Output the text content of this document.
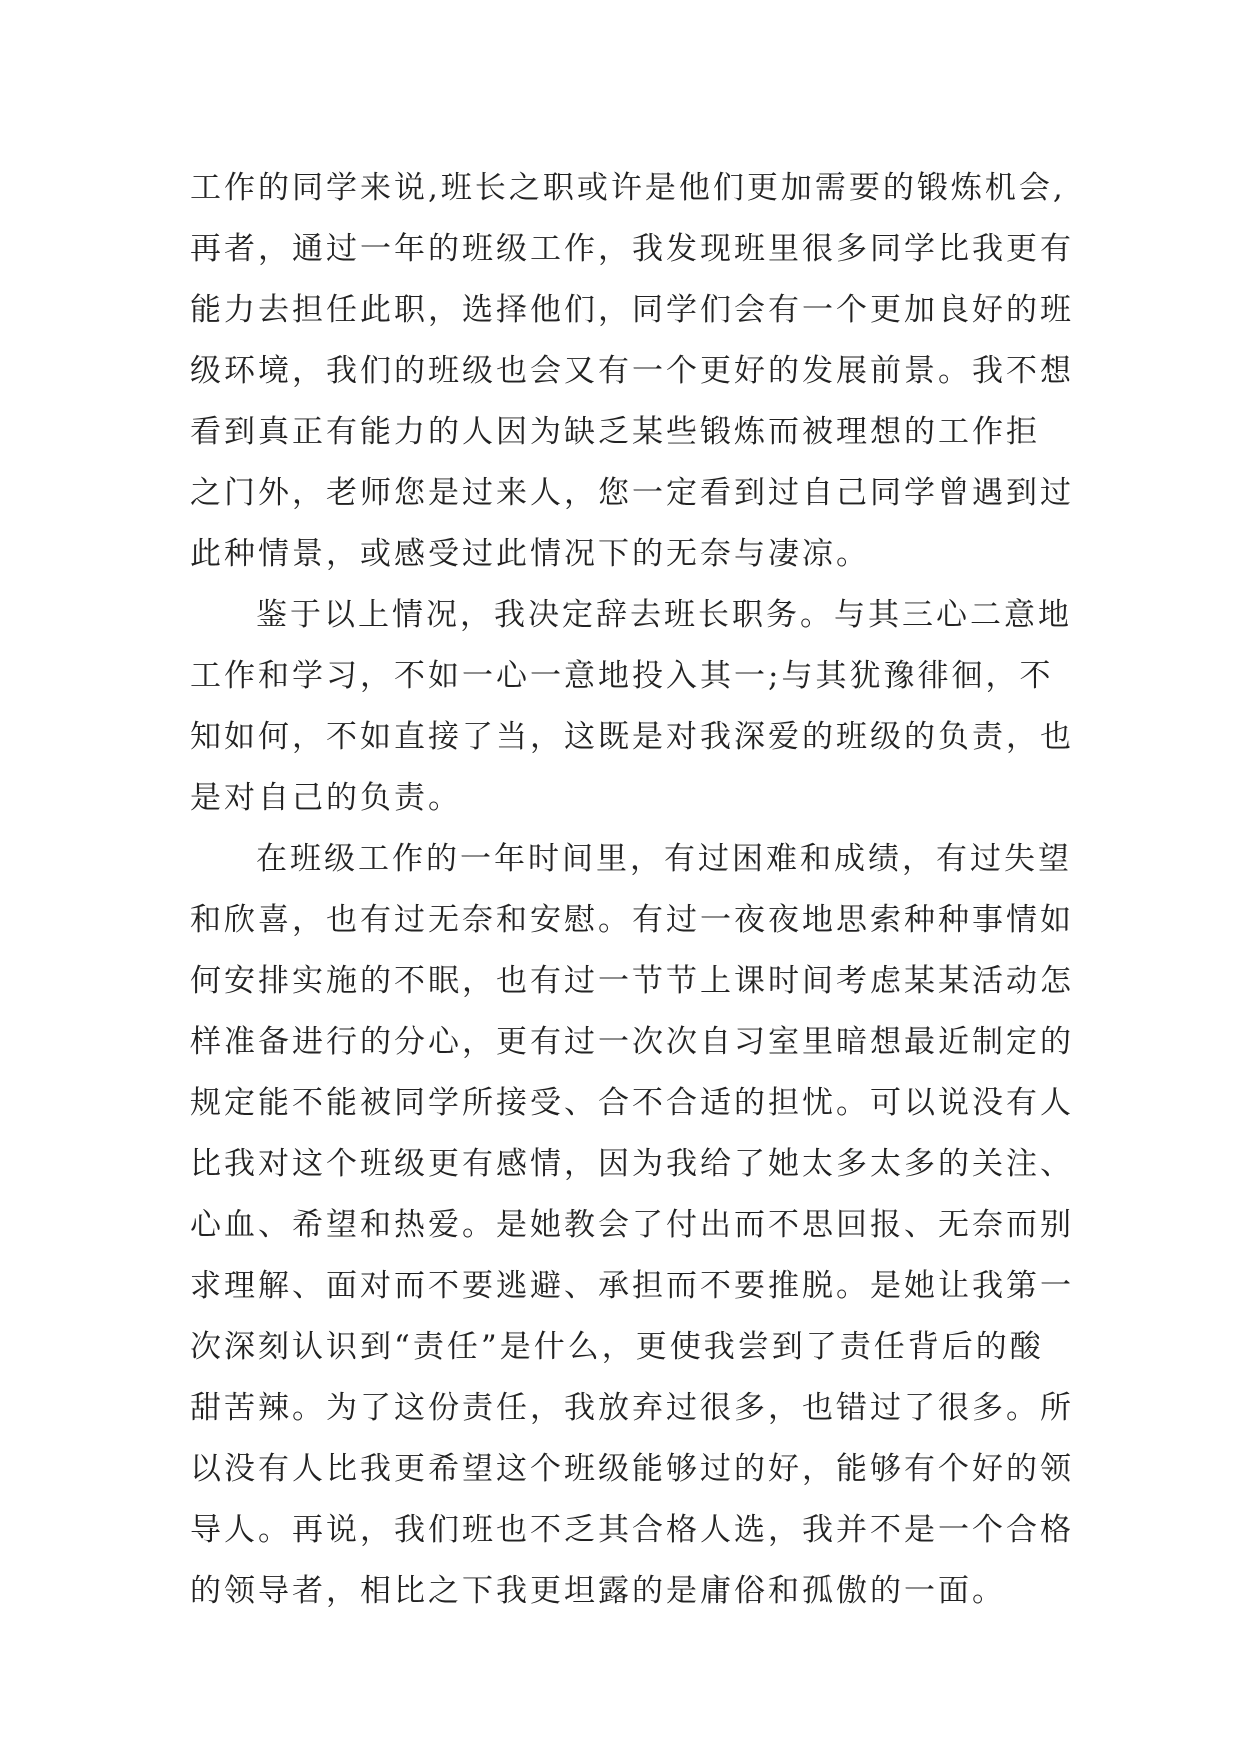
工作的同学来说,班长之职或许是他们更加需要的锻炼机会,
再者，通过一年的班级工作，我发现班里很多同学比我更有
能力去担任此职，选择他们，同学们会有一个更加良好的班
级环境，我们的班级也会又有一个更好的发展前景。我不想
看到真正有能力的人因为缺乏某些锻炼而被理想的工作拒
之门外，老师您是过来人，您一定看到过自己同学曾遇到过
此种情景，或感受过此情况下的无奈与凄凉。
鉴于以上情况，我决定辞去班长职务。与其三心二意地
工作和学习，不如一心一意地投入其一;与其犹豫徘徊，不
知如何，不如直接了当，这既是对我深爱的班级的负责，也
是对自己的负责。
在班级工作的一年时间里，有过困难和成绩，有过失望
和欣喜，也有过无奈和安慰。有过一夜夜地思索种种事情如
何安排实施的不眠，也有过一节节上课时间考虑某某活动怎
样准备进行的分心，更有过一次次自习室里暗想最近制定的
规定能不能被同学所接受、合不合适的担忧。可以说没有人
比我对这个班级更有感情，因为我给了她太多太多的关注、
心血、希望和热爱。是她教会了付出而不思回报、无奈而别
求理解、面对而不要逃避、承担而不要推脱。是她让我第一
次深刻认识到“责任”是什么，更使我尝到了责任背后的酸
甜苦辣。为了这份责任，我放弃过很多，也错过了很多。所
以没有人比我更希望这个班级能够过的好，能够有个好的领
导人。再说，我们班也不乏其合格人选，我并不是一个合格
的领导者，相比之下我更坦露的是庸俗和孤傲的一面。
